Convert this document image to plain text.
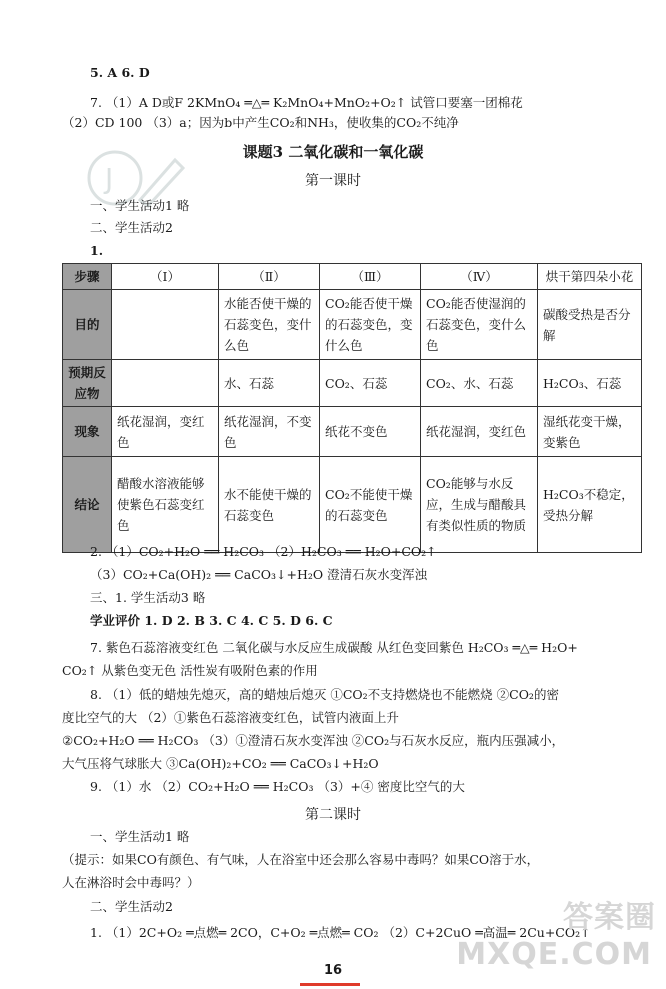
J
5. A 6. D
7. （1）A D或F 2KMnO₄ ═△═ K₂MnO₄+MnO₂+O₂↑ 试管口要塞一团棉花
（2）CD 100 （3）a；因为b中产生CO₂和NH₃，使收集的CO₂不纯净
课题3 二氧化碳和一氧化碳
第一课时
一、学生活动1 略
二、学生活动2
1.
步骤	（Ⅰ）	（Ⅱ）	（Ⅲ）	（Ⅳ）	烘干第四朵小花
目的		水能否使干燥的石蕊变色，变什么色	CO₂能否使干燥的石蕊变色，变什么色	CO₂能否使湿润的石蕊变色，变什么色	碳酸受热是否分解
预期反应物		水、石蕊	CO₂、石蕊	CO₂、水、石蕊	H₂CO₃、石蕊
现象	纸花湿润，变红色	纸花湿润，不变色	纸花不变色	纸花湿润，变红色	湿纸花变干燥，变紫色
结论	醋酸水溶液能够使紫色石蕊变红色	水不能使干燥的石蕊变色	CO₂不能使干燥的石蕊变色	CO₂能够与水反应，生成与醋酸具有类似性质的物质	H₂CO₃不稳定，受热分解
2. （1）CO₂+H₂O ══ H₂CO₃ （2）H₂CO₃ ══ H₂O+CO₂↑
（3）CO₂+Ca(OH)₂ ══ CaCO₃↓+H₂O 澄清石灰水变浑浊
三、1. 学生活动3 略
学业评价 1. D 2. B 3. C 4. C 5. D 6. C
7. 紫色石蕊溶液变红色 二氧化碳与水反应生成碳酸 从红色变回紫色 H₂CO₃ ═△═ H₂O+
CO₂↑ 从紫色变无色 活性炭有吸附色素的作用
8. （1）低的蜡烛先熄灭，高的蜡烛后熄灭 ①CO₂不支持燃烧也不能燃烧 ②CO₂的密
度比空气的大 （2）①紫色石蕊溶液变红色，试管内液面上升
②CO₂+H₂O ══ H₂CO₃ （3）①澄清石灰水变浑浊 ②CO₂与石灰水反应，瓶内压强减小，
大气压将气球胀大 ③Ca(OH)₂+CO₂ ══ CaCO₃↓+H₂O
9. （1）水 （2）CO₂+H₂O ══ H₂CO₃ （3）+④ 密度比空气的大
第二课时
一、学生活动1 略
（提示：如果CO有颜色、有气味，人在浴室中还会那么容易中毒吗？如果CO溶于水，
人在淋浴时会中毒吗？）
二、学生活动2
1. （1）2C+O₂ ═点燃═ 2CO，C+O₂ ═点燃═ CO₂ （2）C+2CuO ═高温═ 2Cu+CO₂↑
答案圈
MXQE.COM
16
